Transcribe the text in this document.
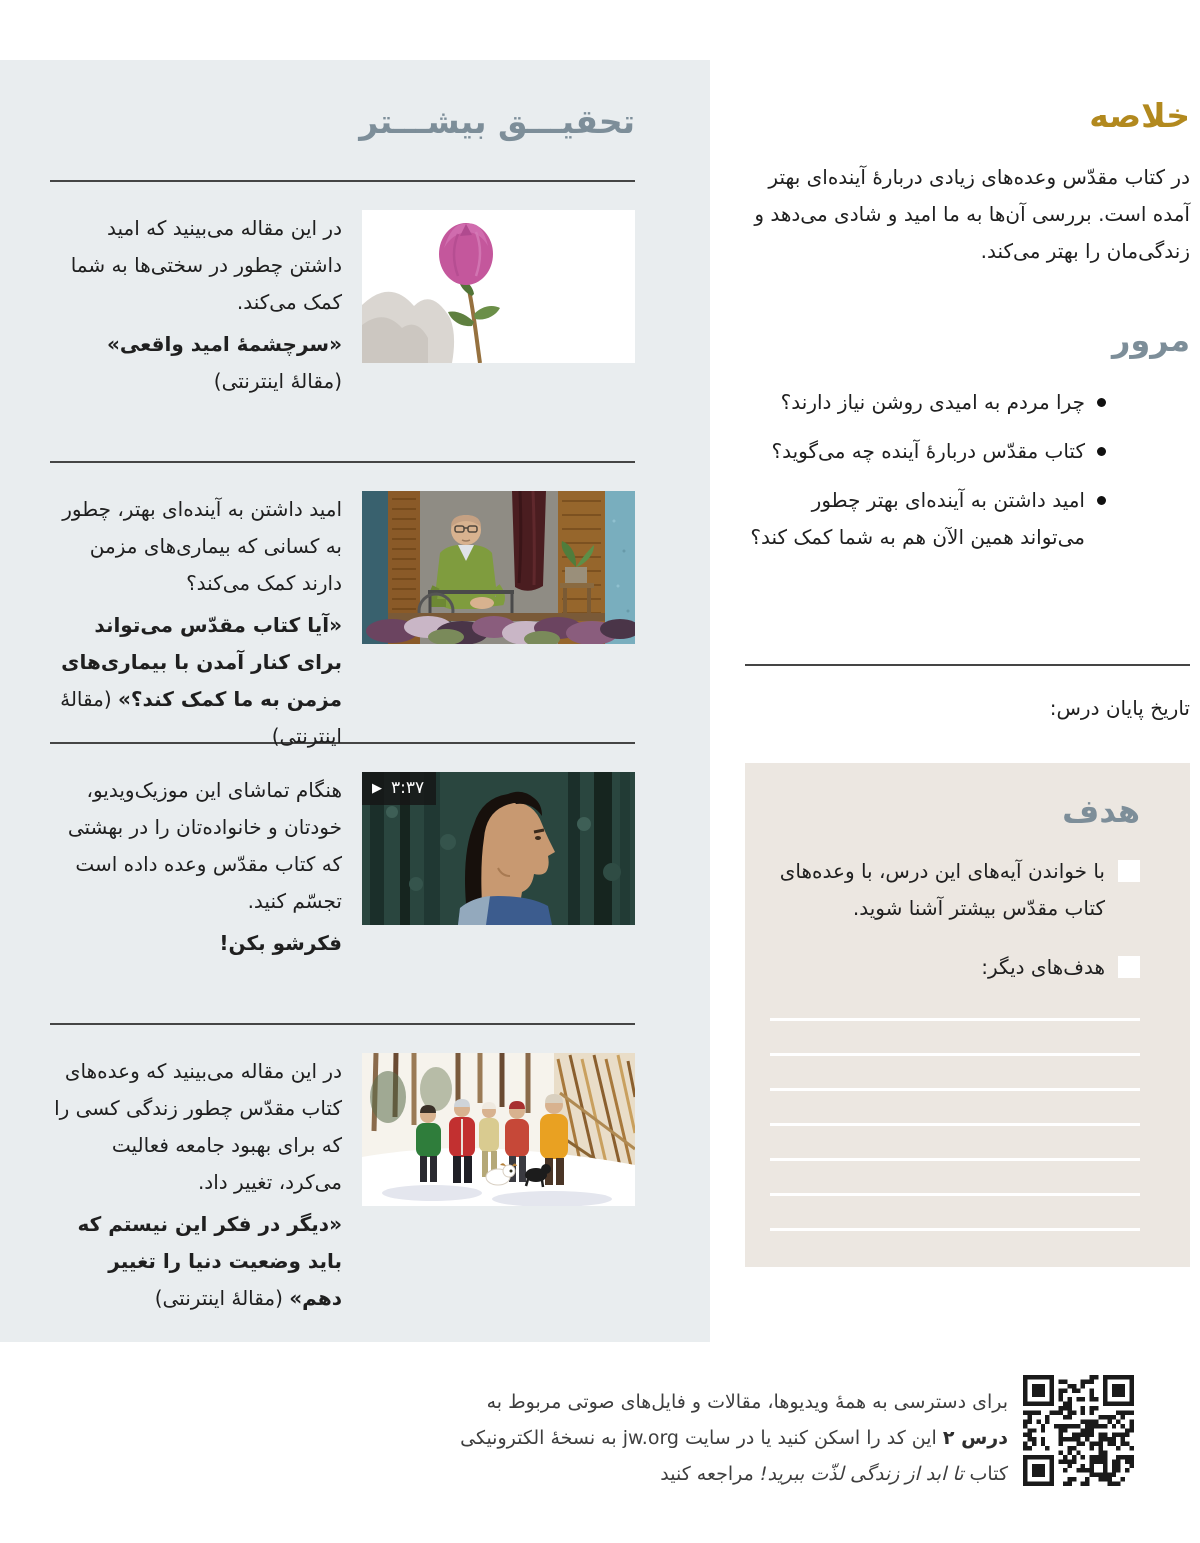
تحقیـــق بیشـــتر

در این مقاله می‌بینید که امید داشتن چطور در سختی‌ها به شما کمک می‌کند.

«سرچشمهٔ امید واقعی» (مقالهٔ اینترنتی)

امید داشتن به آینده‌ای بهتر، چطور به کسانی که بیماری‌های مزمن دارند کمک می‌کند؟

«آیا کتاب مقدّس می‌تواند برای کنار آمدن با بیماری‌های مزمن به ما کمک کند؟» (مقالهٔ اینترنتی)

▶ ۳:۳۷

هنگام تماشای این موزیک‌ویدیو، خودتان و خانواده‌تان را در بهشتی که کتاب مقدّس وعده داده است تجسّم کنید.

فکرشو بکن!

در این مقاله می‌بینید که وعده‌های کتاب مقدّس چطور زندگی کسی را که برای بهبود جامعه فعالیت می‌کرد، تغییر داد.

«دیگر در فکر این نیستم که باید وضعیت دنیا را تغییر دهم» (مقالهٔ اینترنتی)

خلاصه

در کتاب مقدّس وعده‌های زیادی دربارهٔ آینده‌ای بهتر آمده است. بررسی آن‌ها به ما امید و شادی می‌دهد و زندگی‌مان را بهتر می‌کند.

مرور
چرا مردم به امیدی روشن نیاز دارند؟
کتاب مقدّس دربارهٔ آینده چه می‌گوید؟
امید داشتن به آینده‌ای بهتر چطور می‌تواند همین الآن هم به شما کمک کند؟

تاریخ پایان درس:

هدف
با خواندن آیه‌های این درس، با وعده‌های کتاب مقدّس بیشتر آشنا شوید.
هدف‌های دیگر:
برای دسترسی به همهٔ ویدیوها، مقالات و فایل‌های صوتی مربوط به
درس ۲ این کد را اسکن کنید یا در سایت jw.org به نسخهٔ الکترونیکی
کتاب تا ابد از زندگی لذّت ببرید! مراجعه کنید
